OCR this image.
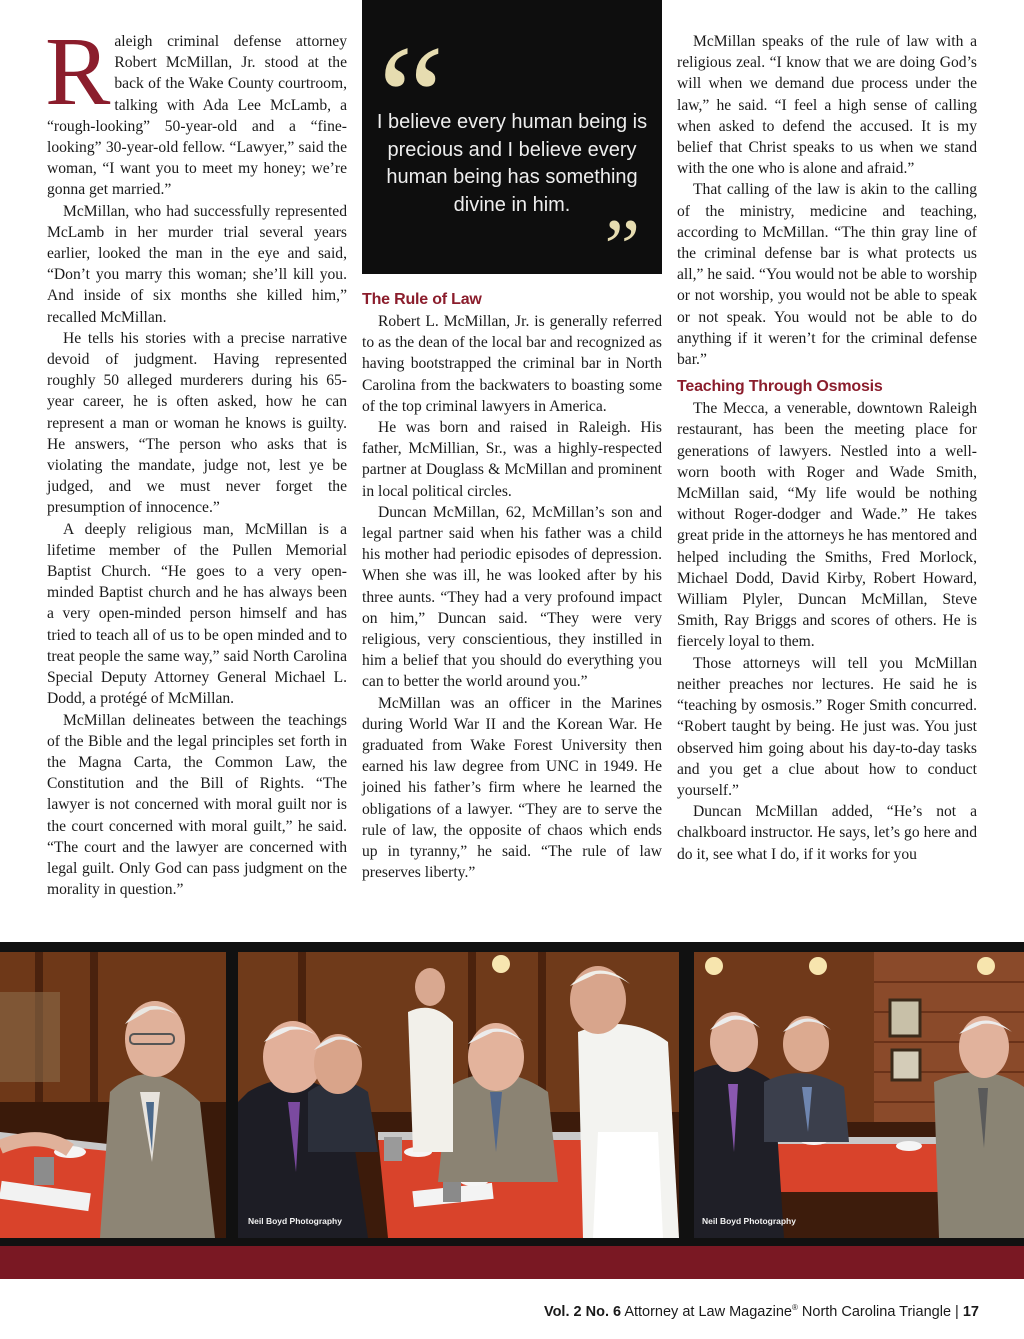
R aleigh criminal defense attorney Robert McMillan, Jr. stood at the back of the Wake County courtroom, talking with Ada Lee McLamb, a “rough-looking” 50-year-old and a “fine-looking” 30-year-old fellow. “Lawyer,” said the woman, “I want you to meet my honey; we’re gonna get married.”

McMillan, who had successfully represented McLamb in her murder trial several years earlier, looked the man in the eye and said, “Don’t you marry this woman; she’ll kill you. And inside of six months she killed him,” recalled McMillan.

He tells his stories with a precise narrative devoid of judgment. Having represented roughly 50 alleged murderers during his 65-year career, he is often asked, how he can represent a man or woman he knows is guilty. He answers, “The person who asks that is violating the mandate, judge not, lest ye be judged, and we must never forget the presumption of innocence.”

A deeply religious man, McMillan is a lifetime member of the Pullen Memorial Baptist Church. “He goes to a very open-minded Baptist church and he has always been a very open-minded person himself and has tried to teach all of us to be open minded and to treat people the same way,” said North Carolina Special Deputy Attorney General Michael L. Dodd, a protégé of McMillan.

McMillan delineates between the teachings of the Bible and the legal principles set forth in the Magna Carta, the Common Law, the Constitution and the Bill of Rights. “The lawyer is not concerned with moral guilt nor is the court concerned with moral guilt,” he said. “The court and the lawyer are concerned with legal guilt. Only God can pass judgment on the morality in question.”

“
I believe every human being is precious and I believe every human being has something divine in him. ”
The Rule of Law

Robert L. McMillan, Jr. is generally referred to as the dean of the local bar and recognized as having bootstrapped the criminal bar in North Carolina from the backwaters to boasting some of the top criminal lawyers in America.

He was born and raised in Raleigh. His father, McMillian, Sr., was a highly-respected partner at Douglass & McMillan and prominent in local political circles.

Duncan McMillan, 62, McMillan’s son and legal partner said when his father was a child his mother had periodic episodes of depression. When she was ill, he was looked after by his three aunts. “They had a very profound impact on him,” Duncan said. “They were very religious, very conscientious, they instilled in him a belief that you should do everything you can to better the world around you.”

McMillan was an officer in the Marines during World War II and the Korean War. He graduated from Wake Forest University then earned his law degree from UNC in 1949. He joined his father’s firm where he learned the obligations of a lawyer. “They are to serve the rule of law, the opposite of chaos which ends up in tyranny,” he said. “The rule of law preserves liberty.”

McMillan speaks of the rule of law with a religious zeal. “I know that we are doing God’s will when we demand due process under the law,” he said. “I feel a high sense of calling when asked to defend the accused. It is my belief that Christ speaks to us when we stand with the one who is alone and afraid.”

That calling of the law is akin to the calling of the ministry, medicine and teaching, according to McMillan. “The thin gray line of the criminal defense bar is what protects us all,” he said. “You would not be able to worship or not worship, you would not be able to speak or not speak. You would not be able to do anything if it weren’t for the criminal defense bar.”

Teaching Through Osmosis

The Mecca, a venerable, downtown Raleigh restaurant, has been the meeting place for generations of lawyers. Nestled into a well-worn booth with Roger and Wade Smith, McMillan said, “My life would be nothing without Roger-dodger and Wade.” He takes great pride in the attorneys he has mentored and helped including the Smiths, Fred Morlock, Michael Dodd, David Kirby, Robert Howard, William Plyler, Duncan McMillan, Steve Smith, Ray Briggs and scores of others. He is fiercely loyal to them.

Those attorneys will tell you McMillan neither preaches nor lectures. He said he is “teaching by osmosis.” Roger Smith concurred. “Robert taught by being. He just was. You just observed him going about his day-to-day tasks and you get a clue about how to conduct yourself.”

Duncan McMillan added, “He’s not a chalkboard instructor. He says, let’s go here and do it, see what I do, if it works for you

Neil Boyd Photography	Neil Boyd Photography
Vol. 2 No. 6 Attorney at Law Magazine® North Carolina Triangle | 17
